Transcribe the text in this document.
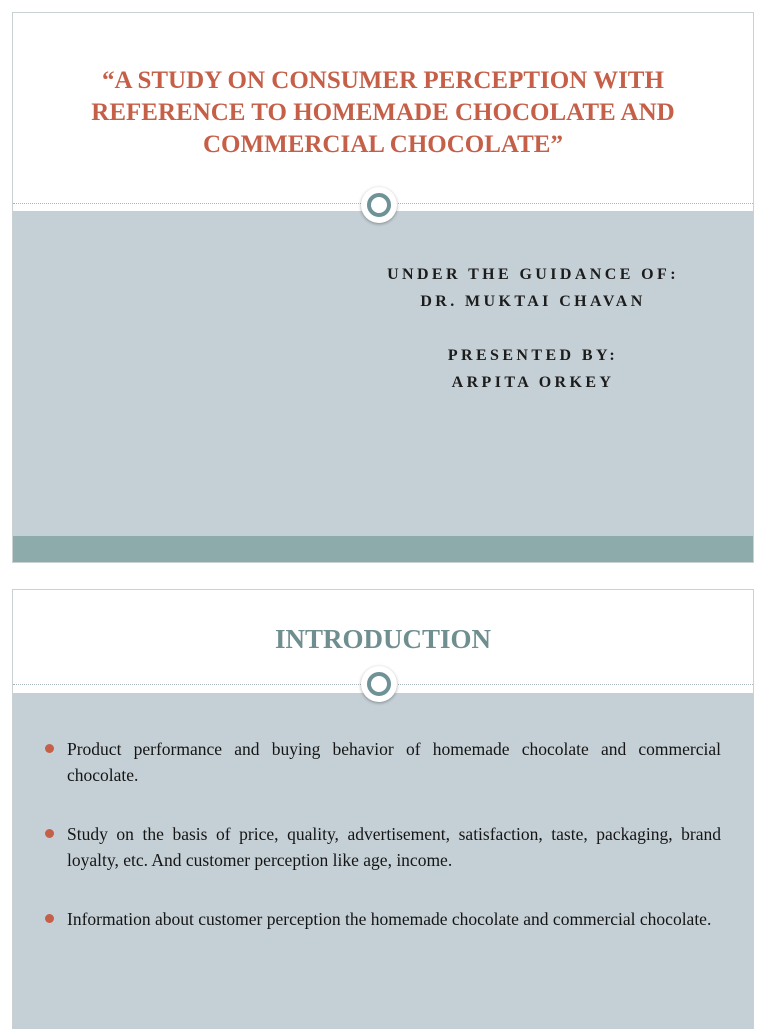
“A STUDY ON CONSUMER PERCEPTION WITH REFERENCE TO HOMEMADE CHOCOLATE AND COMMERCIAL CHOCOLATE”
UNDER THE GUIDANCE OF:
DR. MUKTAI CHAVAN
PRESENTED BY:
ARPITA ORKEY
INTRODUCTION
Product performance and buying behavior of homemade chocolate and commercial chocolate.
Study on the basis of price, quality, advertisement, satisfaction, taste, packaging, brand loyalty, etc. And customer perception like age, income.
Information about customer perception the homemade chocolate and commercial chocolate.
